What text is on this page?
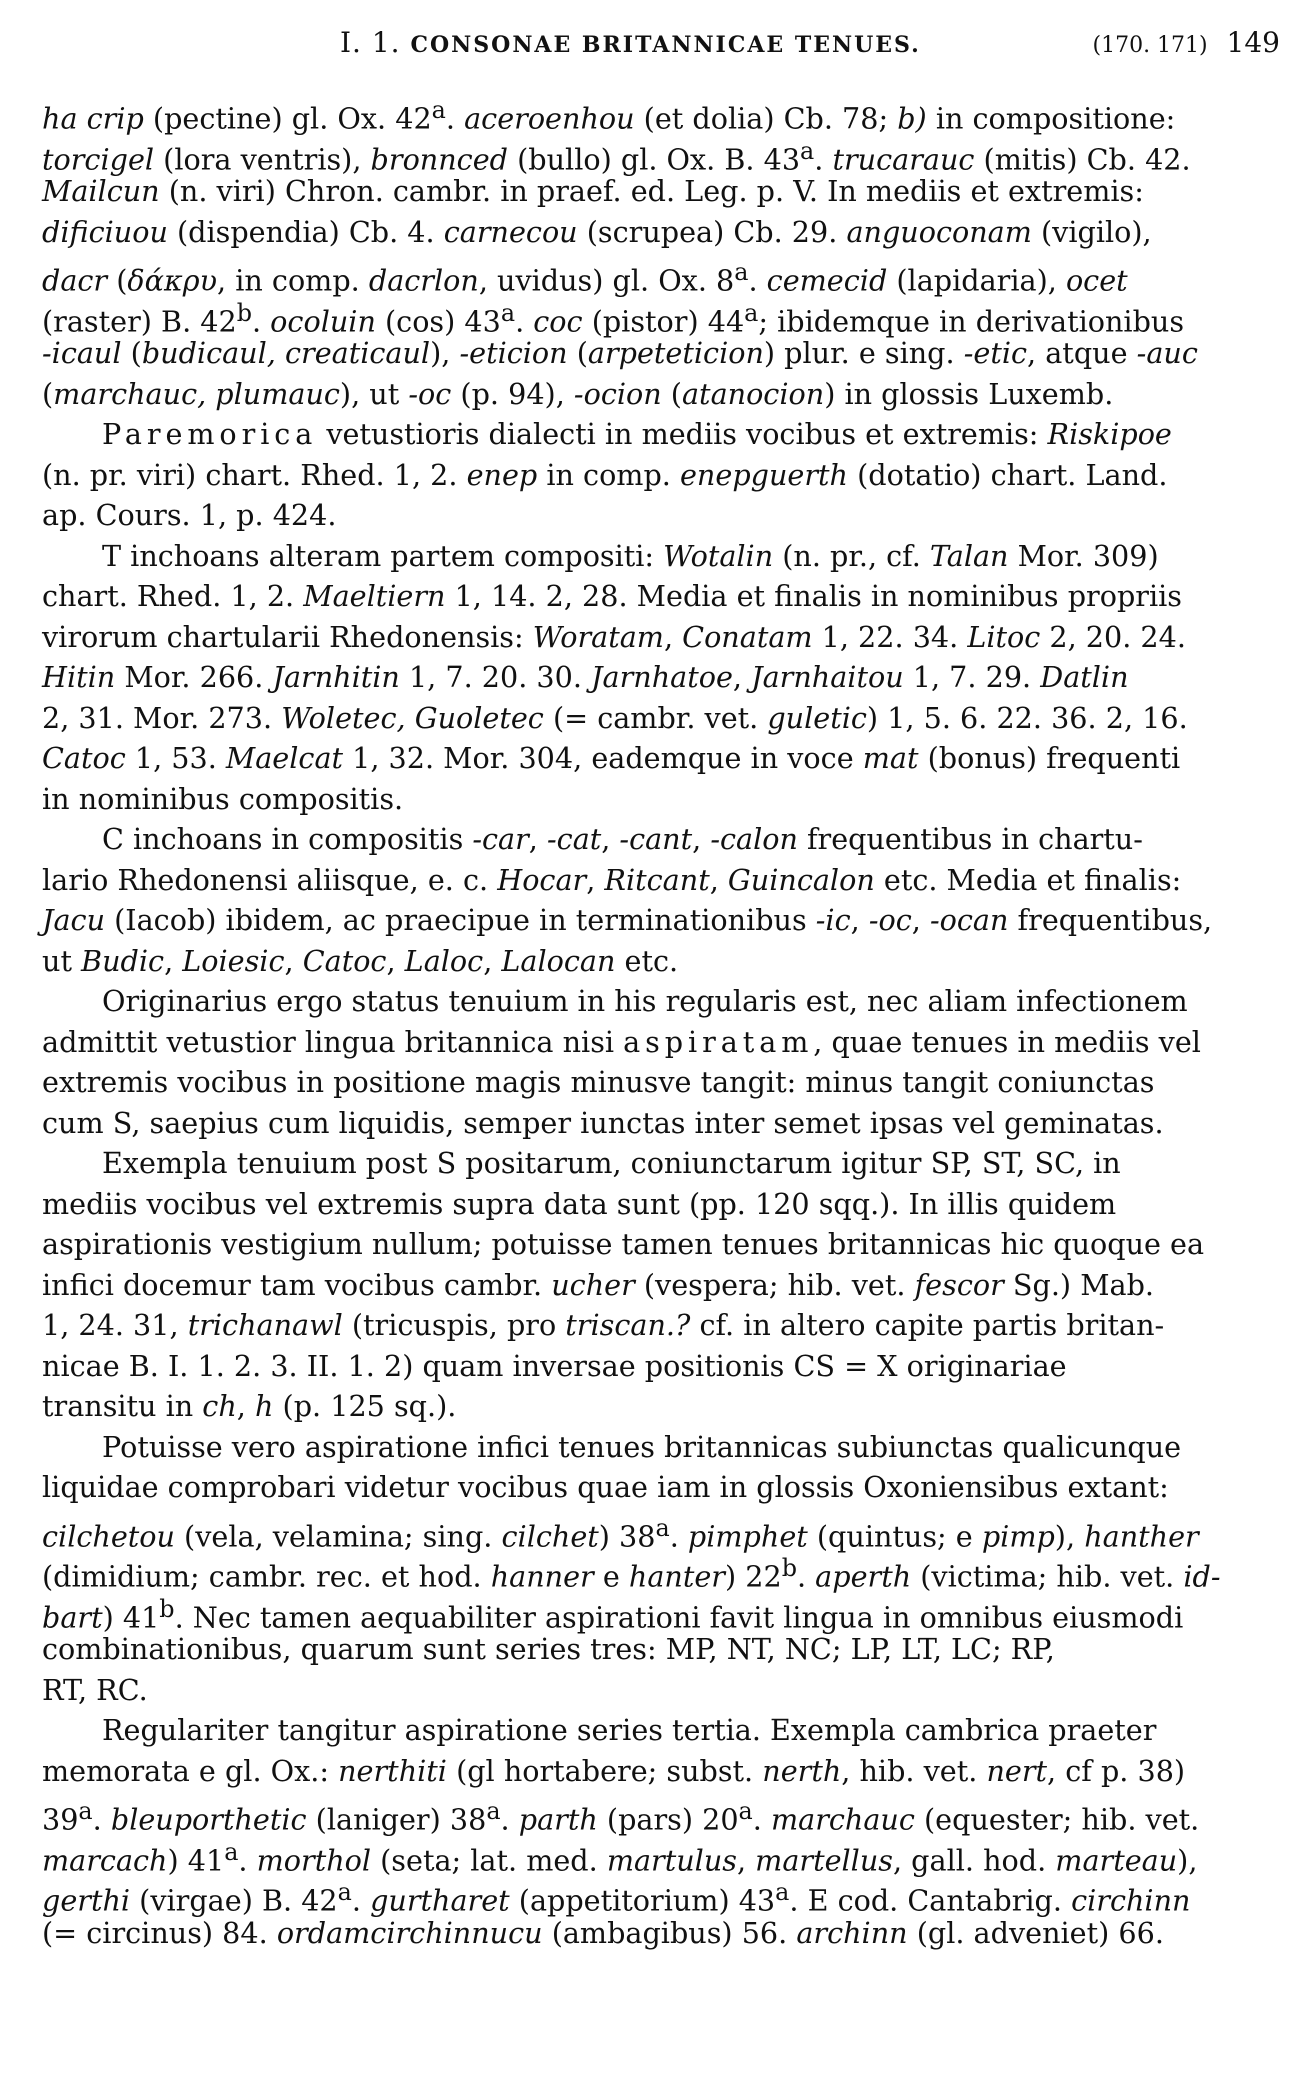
I. 1. CONSONAE BRITANNICAE TENUES.	(170. 171) 149
ha crip (pectine) gl. Ox. 42$^a$. aceroenhou (et dolia) Cb. 78; b) in compositione:
torcigel (lora ventris), bronnced (bullo) gl. Ox. B. 43$^a$. trucarauc (mitis) Cb. 42.
Mailcun (n. viri) Chron. cambr. in praef. ed. Leg. p. V. In mediis et extremis:
dificiuou (dispendia) Cb. 4. carnecou (scrupea) Cb. 29. anguoconam (vigilo),
dacr (δάκρυ, in comp. dacrlon, uvidus) gl. Ox. 8$^a$. cemecid (lapidaria), ocet
(raster) B. 42$^b$. ocoluin (cos) 43$^a$. coc (pistor) 44$^a$; ibidemque in derivationibus
-icaul (budicaul, creaticaul), -eticion (arpeteticion) plur. e sing. -etic, atque -auc
(marchauc, plumauc), ut -oc (p. 94), -ocion (atanocion) in glossis Luxemb.
Paremorica vetustioris dialecti in mediis vocibus et extremis: Riskipoe
(n. pr. viri) chart. Rhed. 1, 2. enep in comp. enepguerth (dotatio) chart. Land.
ap. Cours. 1, p. 424.
T inchoans alteram partem compositi: Wotalin (n. pr., cf. Talan Mor. 309)
chart. Rhed. 1, 2. Maeltiern 1, 14. 2, 28. Media et finalis in nominibus propriis
virorum chartularii Rhedonensis: Woratam, Conatam 1, 22. 34. Litoc 2, 20. 24.
Hitin Mor. 266. Jarnhitin 1, 7. 20. 30. Jarnhatoe, Jarnhaitou 1, 7. 29. Datlin
2, 31. Mor. 273. Woletec, Guoletec (= cambr. vet. guletic) 1, 5. 6. 22. 36. 2, 16.
Catoc 1, 53. Maelcat 1, 32. Mor. 304, eademque in voce mat (bonus) frequenti
in nominibus compositis.
C inchoans in compositis -car, -cat, -cant, -calon frequentibus in chartu-
lario Rhedonensi aliisque, e. c. Hocar, Ritcant, Guincalon etc. Media et finalis:
Jacu (Iacob) ibidem, ac praecipue in terminationibus -ic, -oc, -ocan frequentibus,
ut Budic, Loiesic, Catoc, Laloc, Lalocan etc.
Originarius ergo status tenuium in his regularis est, nec aliam infectionem
admittit vetustior lingua britannica nisi aspiratam, quae tenues in mediis vel
extremis vocibus in positione magis minusve tangit: minus tangit coniunctas
cum S, saepius cum liquidis, semper iunctas inter semet ipsas vel geminatas.
Exempla tenuium post S positarum, coniunctarum igitur SP, ST, SC, in
mediis vocibus vel extremis supra data sunt (pp. 120 sqq.). In illis quidem
aspirationis vestigium nullum; potuisse tamen tenues britannicas hic quoque ea
infici docemur tam vocibus cambr. ucher (vespera; hib. vet. fescor Sg.) Mab.
1, 24. 31, trichanawl (tricuspis, pro triscan.? cf. in altero capite partis britan-
nicae B. I. 1. 2. 3. II. 1. 2) quam inversae positionis CS = X originariae
transitu in ch, h (p. 125 sq.).
Potuisse vero aspiratione infici tenues britannicas subiunctas qualicunque
liquidae comprobari videtur vocibus quae iam in glossis Oxoniensibus extant:
cilchetou (vela, velamina; sing. cilchet) 38$^a$. pimphet (quintus; e pimp), hanther
(dimidium; cambr. rec. et hod. hanner e hanter) 22$^b$. aperth (victima; hib. vet. id-
bart) 41$^b$. Nec tamen aequabiliter aspirationi favit lingua in omnibus eiusmodi
combinationibus, quarum sunt series tres: MP, NT, NC; LP, LT, LC; RP,
RT, RC.
Regulariter tangitur aspiratione series tertia. Exempla cambrica praeter
memorata e gl. Ox.: nerthiti (gl hortabere; subst. nerth, hib. vet. nert, cf p. 38)
39$^a$. bleuporthetic (laniger) 38$^a$. parth (pars) 20$^a$. marchauc (equester; hib. vet.
marcach) 41$^a$. morthol (seta; lat. med. martulus, martellus, gall. hod. marteau),
gerthi (virgae) B. 42$^a$. gurtharet (appetitorium) 43$^a$. E cod. Cantabrig. circhinn
(= circinus) 84. ordamcirchinnucu (ambagibus) 56. archinn (gl. adveniet) 66.
